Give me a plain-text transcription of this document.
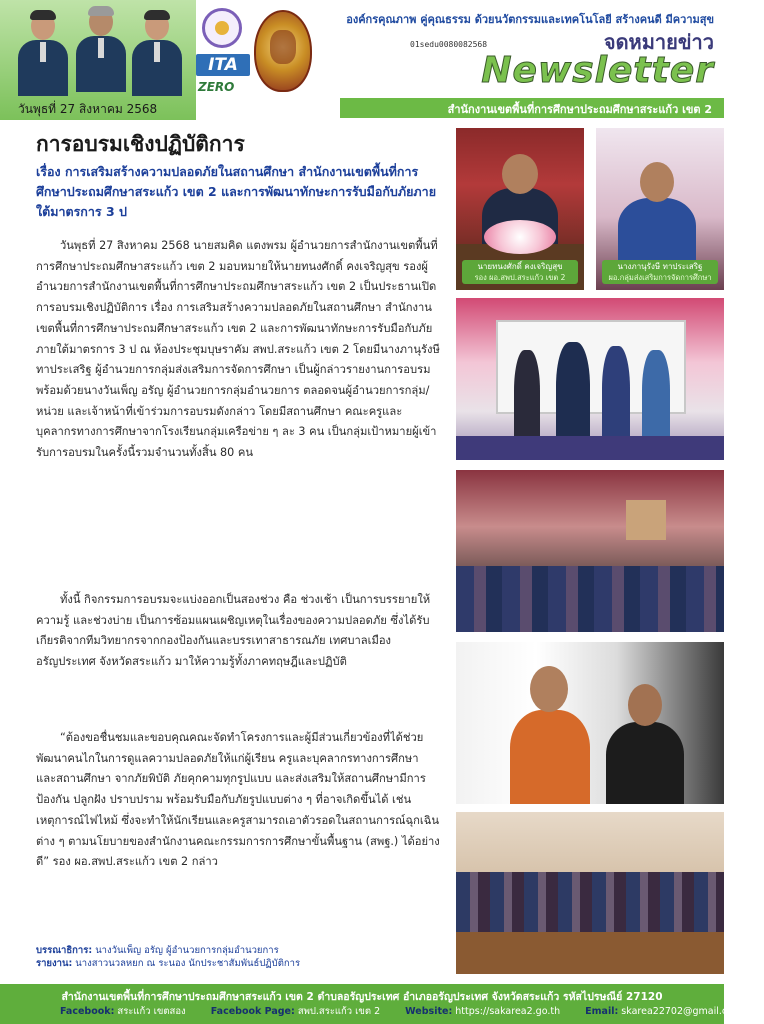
วันพุธที่ 27 สิงหาคม 2568
ITA
ZERO
องค์กรคุณภาพ คู่คุณธรรม ด้วยนวัตกรรมและเทคโนโลยี สร้างคนดี มีความสุข
01sedu0080082568	จดหมายข่าว
Newsletter
สำนักงานเขตพื้นที่การศึกษาประถมศึกษาสระแก้ว เขต 2
การอบรมเชิงปฏิบัติการ
เรื่อง การเสริมสร้างความปลอดภัยในสถานศึกษา สำนักงานเขตพื้นที่การศึกษาประถมศึกษาสระแก้ว เขต 2 และการพัฒนาทักษะการรับมือกับภัยภายใต้มาตรการ 3 ป

วันพุธที่ 27 สิงหาคม 2568 นายสมคิด แตงพรม ผู้อำนวยการสำนักงานเขตพื้นที่การศึกษาประถมศึกษาสระแก้ว เขต 2 มอบหมายให้นายทนงศักดิ์ คงเจริญสุข รองผู้อำนวยการสำนักงานเขตพื้นที่การศึกษาประถมศึกษาสระแก้ว เขต 2 เป็นประธานเปิดการอบรมเชิงปฏิบัติการ เรื่อง การเสริมสร้างความปลอดภัยในสถานศึกษา สำนักงานเขตพื้นที่การศึกษาประถมศึกษาสระแก้ว เขต 2 และการพัฒนาทักษะการรับมือกับภัย ภายใต้มาตรการ 3 ป ณ ห้องประชุมบุษราคัม สพป.สระแก้ว เขต 2 โดยมีนางภานุรังษี ทาประเสริฐ ผู้อำนวยการกลุ่มส่งเสริมการจัดการศึกษา เป็นผู้กล่าวรายงานการอบรม พร้อมด้วยนางวันเพ็ญ อรัญ ผู้อำนวยการกลุ่มอำนวยการ ตลอดจนผู้อำนวยการกลุ่ม/หน่วย และเจ้าหน้าที่เข้าร่วมการอบรมดังกล่าว โดยมีสถานศึกษา คณะครูและบุคลากรทางการศึกษาจากโรงเรียนกลุ่มเครือข่าย ๆ ละ 3 คน เป็นกลุ่มเป้าหมายผู้เข้ารับการอบรมในครั้งนี้รวมจำนวนทั้งสิ้น 80 คน

ทั้งนี้ กิจกรรมการอบรมจะแบ่งออกเป็นสองช่วง คือ ช่วงเช้า เป็นการบรรยายให้ความรู้ และช่วงบ่าย เป็นการซ้อมแผนเผชิญเหตุในเรื่องของความปลอดภัย ซึ่งได้รับเกียรติจากทีมวิทยากรจากกองป้องกันและบรรเทาสาธารณภัย เทศบาลเมืองอรัญประเทศ จังหวัดสระแก้ว มาให้ความรู้ทั้งภาคทฤษฎีและปฏิบัติ

“ต้องขอชื่นชมและขอบคุณคณะจัดทำโครงการและผู้มีส่วนเกี่ยวข้องที่ได้ช่วยพัฒนาคนไกในการดูแลความปลอดภัยให้แก่ผู้เรียน ครูและบุคลากรทางการศึกษา และสถานศึกษา จากภัยพิบัติ ภัยคุกคามทุกรูปแบบ และส่งเสริมให้สถานศึกษามีการป้องกัน ปลูกฝัง ปราบปราม พร้อมรับมือกับภัยรูปแบบต่าง ๆ ที่อาจเกิดขึ้นได้ เช่น เหตุการณ์ไฟไหม้ ซึ่งจะทำให้นักเรียนและครูสามารถเอาตัวรอดในสถานการณ์ฉุกเฉินต่าง ๆ ตามนโยบายของสำนักงานคณะกรรมการการศึกษาขั้นพื้นฐาน (สพฐ.) ได้อย่างดี” รอง ผอ.สพป.สระแก้ว เขต 2 กล่าว

บรรณาธิการ: นางวันเพ็ญ อรัญ ผู้อำนวยการกลุ่มอำนวยการ
รายงาน: นางสาวนวลหยก ณ ระนอง นักประชาสัมพันธ์ปฏิบัติการ
นายทนงศักดิ์ คงเจริญสุข
รอง ผอ.สพป.สระแก้ว เขต 2
นางภานุรังษี ทาประเสริฐ
ผอ.กลุ่มส่งเสริมการจัดการศึกษา
สำนักงานเขตพื้นที่การศึกษาประถมศึกษาสระแก้ว เขต 2 ตำบลอรัญประเทศ อำเภออรัญประเทศ จังหวัดสระแก้ว รหัสไปรษณีย์ 27120
Facebook: สระแก้ว เขตสอง	Facebook Page: สพป.สระแก้ว เขต 2	Website: https://sakarea2.go.th	Email: skarea22702@gmail.com
